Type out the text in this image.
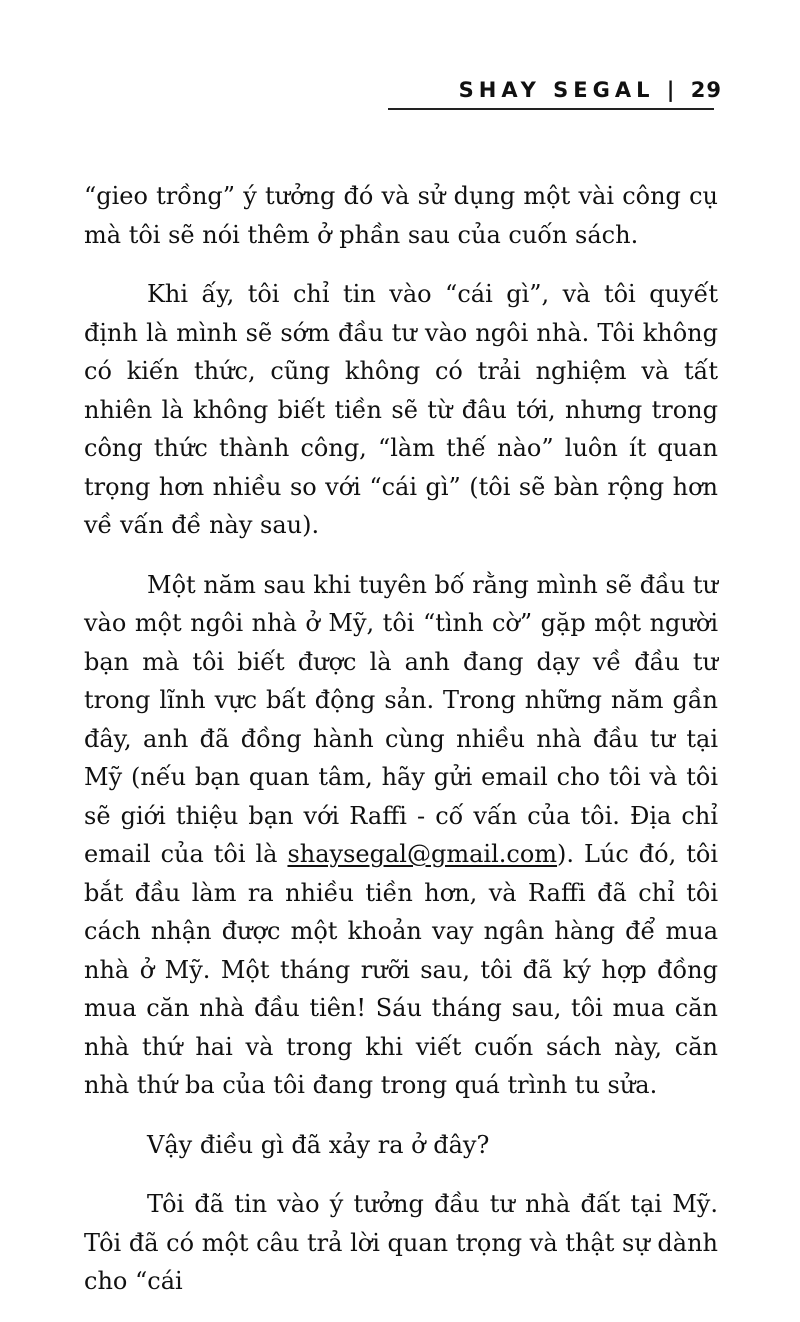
SHAY SEGAL | 29

“gieo trồng” ý tưởng đó và sử dụng một vài công cụ mà tôi sẽ nói thêm ở phần sau của cuốn sách.

Khi ấy, tôi chỉ tin vào “cái gì”, và tôi quyết định là mình sẽ sớm đầu tư vào ngôi nhà. Tôi không có kiến thức, cũng không có trải nghiệm và tất nhiên là không biết tiền sẽ từ đâu tới, nhưng trong công thức thành công, “làm thế nào” luôn ít quan trọng hơn nhiều so với “cái gì” (tôi sẽ bàn rộng hơn về vấn đề này sau).

Một năm sau khi tuyên bố rằng mình sẽ đầu tư vào một ngôi nhà ở Mỹ, tôi “tình cờ” gặp một người bạn mà tôi biết được là anh đang dạy về đầu tư trong lĩnh vực bất động sản. Trong những năm gần đây, anh đã đồng hành cùng nhiều nhà đầu tư tại Mỹ (nếu bạn quan tâm, hãy gửi email cho tôi và tôi sẽ giới thiệu bạn với Raffi - cố vấn của tôi. Địa chỉ email của tôi là shaysegal@gmail.com). Lúc đó, tôi bắt đầu làm ra nhiều tiền hơn, và Raffi đã chỉ tôi cách nhận được một khoản vay ngân hàng để mua nhà ở Mỹ. Một tháng rưỡi sau, tôi đã ký hợp đồng mua căn nhà đầu tiên! Sáu tháng sau, tôi mua căn nhà thứ hai và trong khi viết cuốn sách này, căn nhà thứ ba của tôi đang trong quá trình tu sửa.

Vậy điều gì đã xảy ra ở đây?

Tôi đã tin vào ý tưởng đầu tư nhà đất tại Mỹ. Tôi đã có một câu trả lời quan trọng và thật sự dành cho “cái
